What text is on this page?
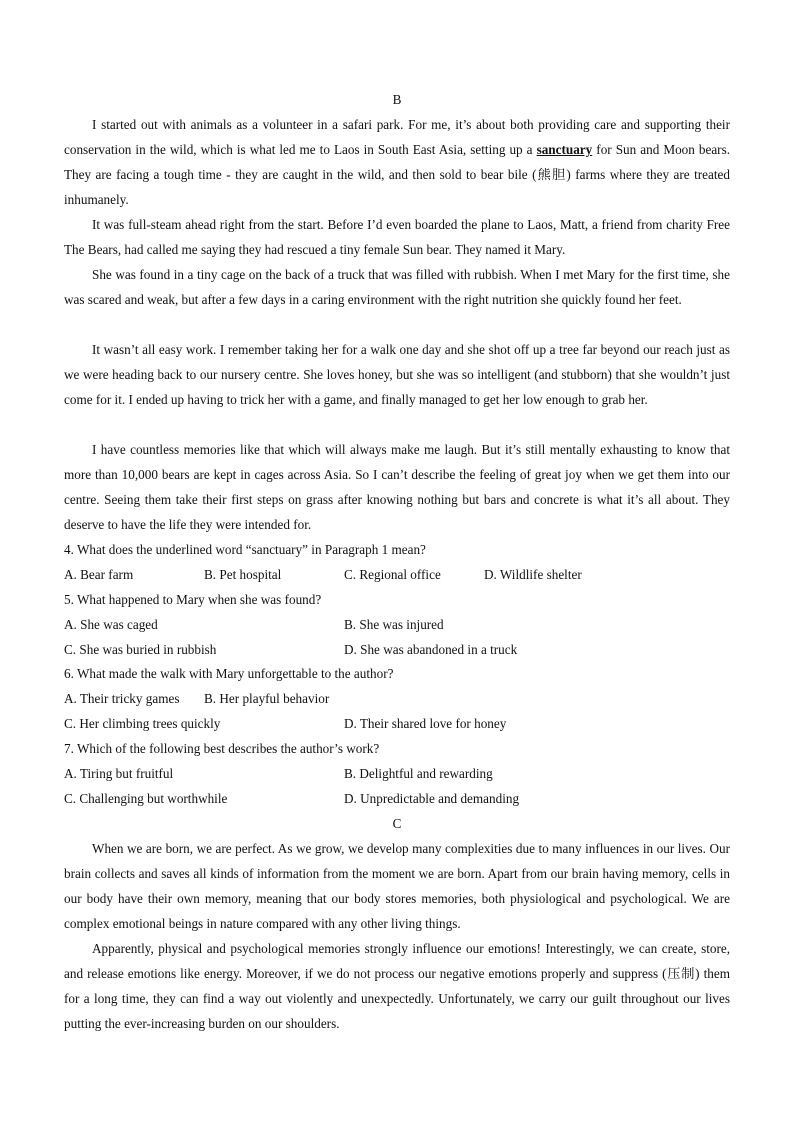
B

I started out with animals as a volunteer in a safari park. For me, it’s about both providing care and supporting their conservation in the wild, which is what led me to Laos in South East Asia, setting up a sanctuary for Sun and Moon bears. They are facing a tough time - they are caught in the wild, and then sold to bear bile (熊胆) farms where they are treated inhumanely.

It was full-steam ahead right from the start. Before I’d even boarded the plane to Laos, Matt, a friend from charity Free The Bears, had called me saying they had rescued a tiny female Sun bear. They named it Mary.

She was found in a tiny cage on the back of a truck that was filled with rubbish. When I met Mary for the first time, she was scared and weak, but after a few days in a caring environment with the right nutrition she quickly found her feet.

It wasn’t all easy work. I remember taking her for a walk one day and she shot off up a tree far beyond our reach just as we were heading back to our nursery centre. She loves honey, but she was so intelligent (and stubborn) that she wouldn’t just come for it. I ended up having to trick her with a game, and finally managed to get her low enough to grab her.

I have countless memories like that which will always make me laugh. But it’s still mentally exhausting to know that more than 10,000 bears are kept in cages across Asia. So I can’t describe the feeling of great joy when we get them into our centre. Seeing them take their first steps on grass after knowing nothing but bars and concrete is what it’s all about. They deserve to have the life they were intended for.

4. What does the underlined word “sanctuary” in Paragraph 1 mean?
A. Bear farm	B. Pet hospital	C. Regional office	D. Wildlife shelter
5. What happened to Mary when she was found?
A. She was caged	B. She was injured
C. She was buried in rubbish	D. She was abandoned in a truck
6. What made the walk with Mary unforgettable to the author?
A. Their tricky games B. Her playful behavior
C. Her climbing trees quickly	D. Their shared love for honey
7. Which of the following best describes the author’s work?
A. Tiring but fruitful	B. Delightful and rewarding
C. Challenging but worthwhile	D. Unpredictable and demanding
C

When we are born, we are perfect. As we grow, we develop many complexities due to many influences in our lives. Our brain collects and saves all kinds of information from the moment we are born. Apart from our brain having memory, cells in our body have their own memory, meaning that our body stores memories, both physiological and psychological. We are complex emotional beings in nature compared with any other living things.

Apparently, physical and psychological memories strongly influence our emotions! Interestingly, we can create, store, and release emotions like energy. Moreover, if we do not process our negative emotions properly and suppress (压制) them for a long time, they can find a way out violently and unexpectedly. Unfortunately, we carry our guilt throughout our lives putting the ever-increasing burden on our shoulders.
